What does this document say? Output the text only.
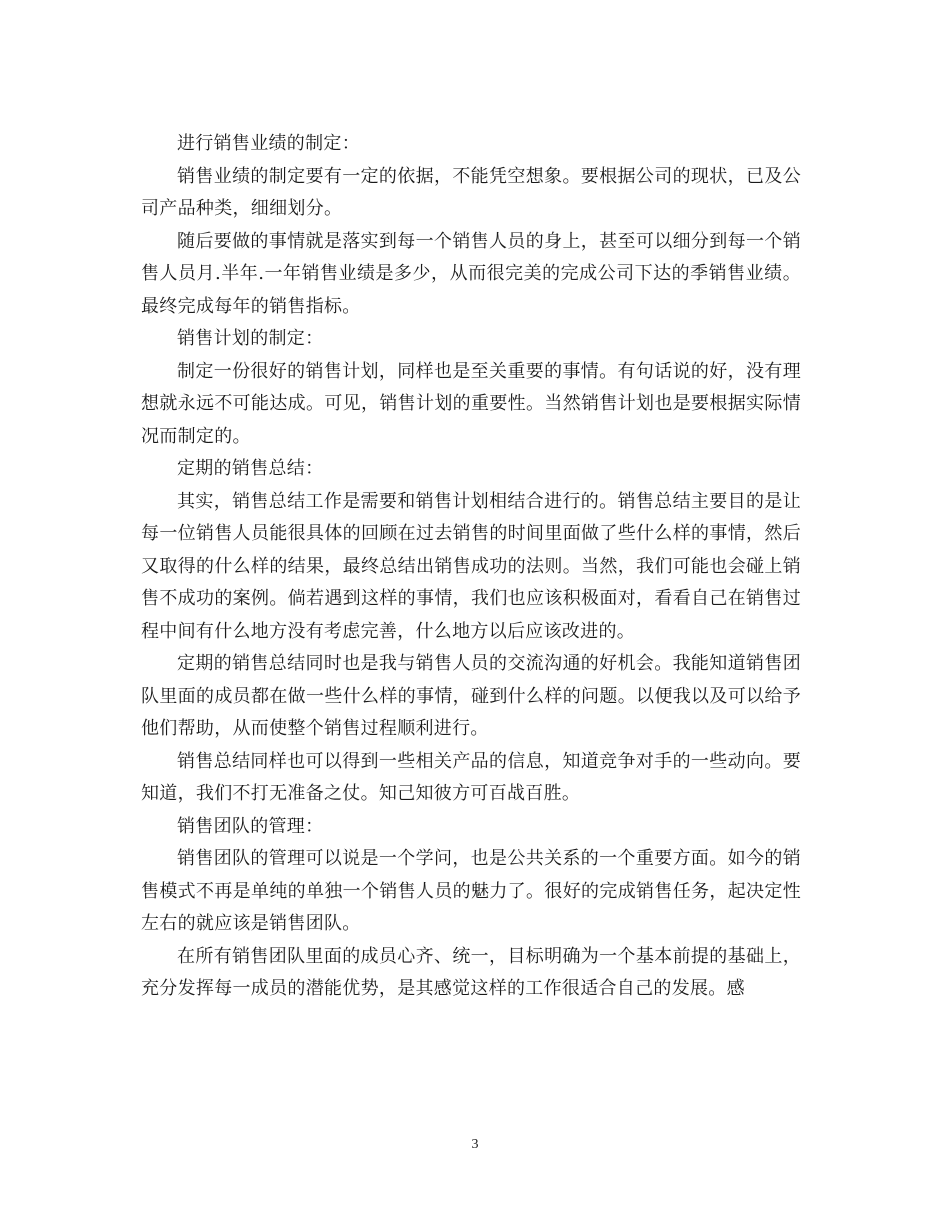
进行销售业绩的制定：

销售业绩的制定要有一定的依据，不能凭空想象。要根据公司的现状，已及公司产品种类，细细划分。

随后要做的事情就是落实到每一个销售人员的身上，甚至可以细分到每一个销售人员月.半年.一年销售业绩是多少，从而很完美的完成公司下达的季销售业绩。最终完成每年的销售指标。

销售计划的制定：

制定一份很好的销售计划，同样也是至关重要的事情。有句话说的好，没有理想就永远不可能达成。可见，销售计划的重要性。当然销售计划也是要根据实际情况而制定的。

定期的销售总结：

其实，销售总结工作是需要和销售计划相结合进行的。销售总结主要目的是让每一位销售人员能很具体的回顾在过去销售的时间里面做了些什么样的事情，然后又取得的什么样的结果，最终总结出销售成功的法则。当然，我们可能也会碰上销售不成功的案例。倘若遇到这样的事情，我们也应该积极面对，看看自己在销售过程中间有什么地方没有考虑完善，什么地方以后应该改进的。

定期的销售总结同时也是我与销售人员的交流沟通的好机会。我能知道销售团队里面的成员都在做一些什么样的事情，碰到什么样的问题。以便我以及可以给予他们帮助，从而使整个销售过程顺利进行。

销售总结同样也可以得到一些相关产品的信息，知道竞争对手的一些动向。要知道，我们不打无准备之仗。知己知彼方可百战百胜。

销售团队的管理：

销售团队的管理可以说是一个学问，也是公共关系的一个重要方面。如今的销售模式不再是单纯的单独一个销售人员的魅力了。很好的完成销售任务，起决定性左右的就应该是销售团队。

在所有销售团队里面的成员心齐、统一，目标明确为一个基本前提的基础上，充分发挥每一成员的潜能优势，是其感觉这样的工作很适合自己的发展。感

3
